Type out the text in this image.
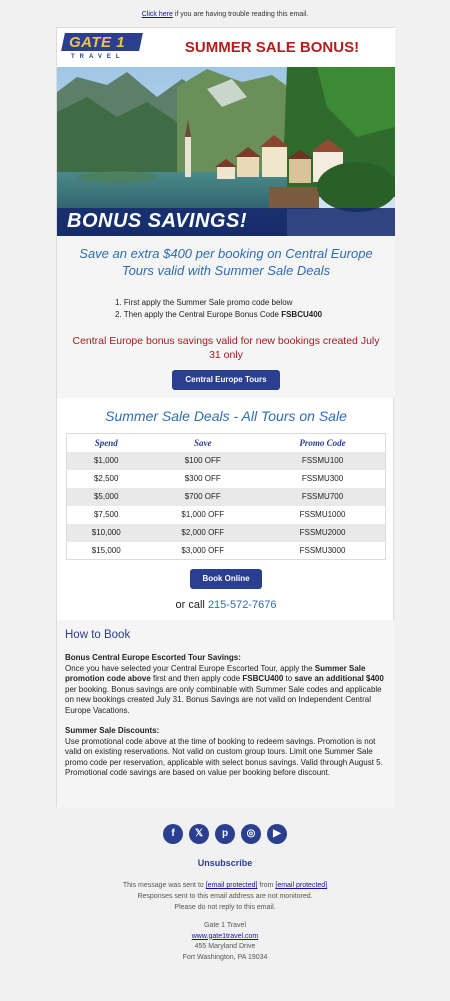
Click here if you are having trouble reading this email.
GATE 1
TRAVEL
SUMMER SALE BONUS!
BONUS SAVINGS!
Save an extra $400 per booking on Central Europe Tours valid with Summer Sale Deals
1. First apply the Summer Sale promo code below
2. Then apply the Central Europe Bonus Code FSBCU400
Central Europe bonus savings valid for new bookings created July 31 only
Central Europe Tours
Summer Sale Deals - All Tours on Sale
Spend	Save	Promo Code
$1,000	$100 OFF	FSSMU100
$2,500	$300 OFF	FSSMU300
$5,000	$700 OFF	FSSMU700
$7,500	$1,000 OFF	FSSMU1000
$10,000	$2,000 OFF	FSSMU2000
$15,000	$3,000 OFF	FSSMU3000
Book Online
or call 215-572-7676
How to Book

Bonus Central Europe Escorted Tour Savings:
Once you have selected your Central Europe Escorted Tour, apply the Summer Sale promotion code above first and then apply code FSBCU400 to save an additional $400 per booking. Bonus savings are only combinable with Summer Sale codes and applicable on new bookings created July 31. Bonus Savings are not valid on Independent Central Europe Vacations.

Summer Sale Discounts:
Use promotional code above at the time of booking to redeem savings. Promotion is not valid on existing reservations. Not valid on custom group tours. Limit one Summer Sale promo code per reservation, applicable with select bonus savings. Valid through August 5. Promotional code savings are based on value per booking before discount.

f	𝕏	p	◎	▶
Unsubscribe
This message was sent to [email protected] from [email protected]
Responses sent to this email address are not monitored.
Please do not reply to this email.
Gate 1 Travel
www.gate1travel.com
455 Maryland Drive
Fort Washington, PA 19034
